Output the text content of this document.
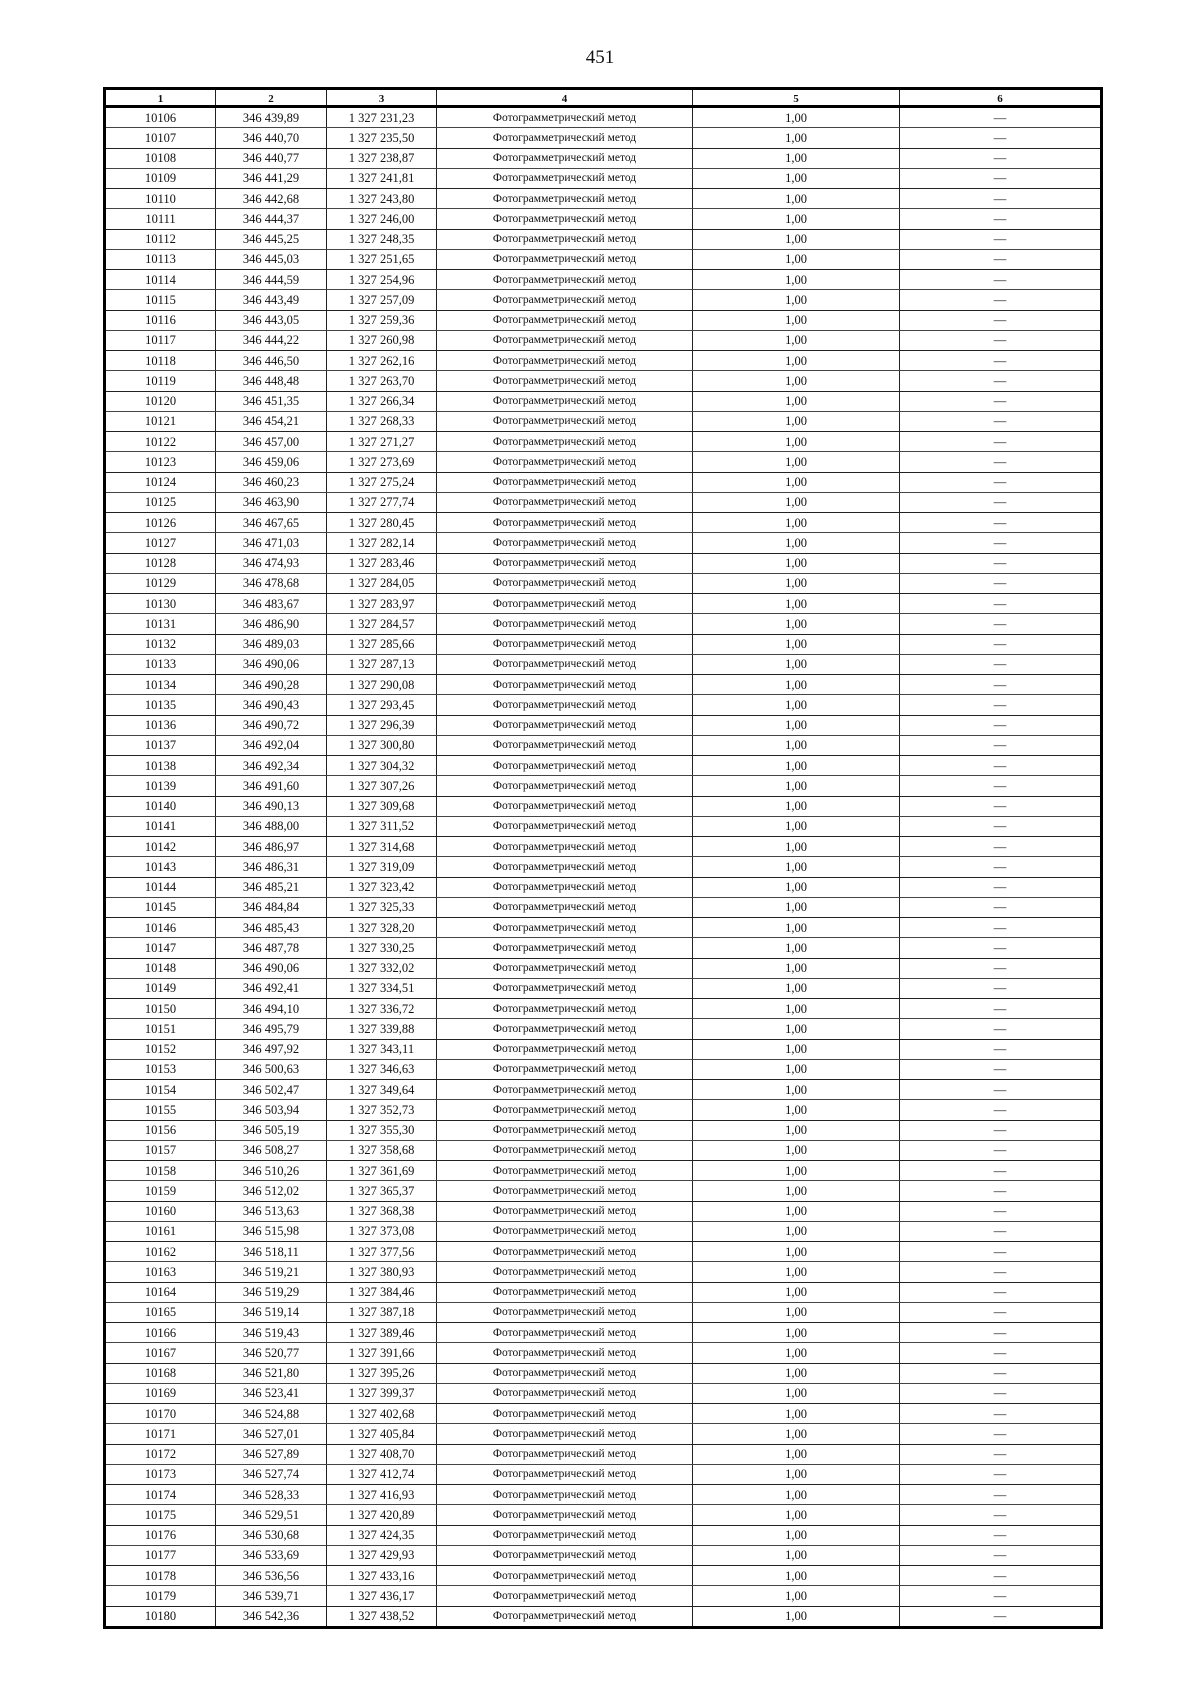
451
1	2	3	4	5	6
10106	346 439,89	1 327 231,23	Фотограмметрический метод	1,00	—
10107	346 440,70	1 327 235,50	Фотограмметрический метод	1,00	—
10108	346 440,77	1 327 238,87	Фотограмметрический метод	1,00	—
10109	346 441,29	1 327 241,81	Фотограмметрический метод	1,00	—
10110	346 442,68	1 327 243,80	Фотограмметрический метод	1,00	—
10111	346 444,37	1 327 246,00	Фотограмметрический метод	1,00	—
10112	346 445,25	1 327 248,35	Фотограмметрический метод	1,00	—
10113	346 445,03	1 327 251,65	Фотограмметрический метод	1,00	—
10114	346 444,59	1 327 254,96	Фотограмметрический метод	1,00	—
10115	346 443,49	1 327 257,09	Фотограмметрический метод	1,00	—
10116	346 443,05	1 327 259,36	Фотограмметрический метод	1,00	—
10117	346 444,22	1 327 260,98	Фотограмметрический метод	1,00	—
10118	346 446,50	1 327 262,16	Фотограмметрический метод	1,00	—
10119	346 448,48	1 327 263,70	Фотограмметрический метод	1,00	—
10120	346 451,35	1 327 266,34	Фотограмметрический метод	1,00	—
10121	346 454,21	1 327 268,33	Фотограмметрический метод	1,00	—
10122	346 457,00	1 327 271,27	Фотограмметрический метод	1,00	—
10123	346 459,06	1 327 273,69	Фотограмметрический метод	1,00	—
10124	346 460,23	1 327 275,24	Фотограмметрический метод	1,00	—
10125	346 463,90	1 327 277,74	Фотограмметрический метод	1,00	—
10126	346 467,65	1 327 280,45	Фотограмметрический метод	1,00	—
10127	346 471,03	1 327 282,14	Фотограмметрический метод	1,00	—
10128	346 474,93	1 327 283,46	Фотограмметрический метод	1,00	—
10129	346 478,68	1 327 284,05	Фотограмметрический метод	1,00	—
10130	346 483,67	1 327 283,97	Фотограмметрический метод	1,00	—
10131	346 486,90	1 327 284,57	Фотограмметрический метод	1,00	—
10132	346 489,03	1 327 285,66	Фотограмметрический метод	1,00	—
10133	346 490,06	1 327 287,13	Фотограмметрический метод	1,00	—
10134	346 490,28	1 327 290,08	Фотограмметрический метод	1,00	—
10135	346 490,43	1 327 293,45	Фотограмметрический метод	1,00	—
10136	346 490,72	1 327 296,39	Фотограмметрический метод	1,00	—
10137	346 492,04	1 327 300,80	Фотограмметрический метод	1,00	—
10138	346 492,34	1 327 304,32	Фотограмметрический метод	1,00	—
10139	346 491,60	1 327 307,26	Фотограмметрический метод	1,00	—
10140	346 490,13	1 327 309,68	Фотограмметрический метод	1,00	—
10141	346 488,00	1 327 311,52	Фотограмметрический метод	1,00	—
10142	346 486,97	1 327 314,68	Фотограмметрический метод	1,00	—
10143	346 486,31	1 327 319,09	Фотограмметрический метод	1,00	—
10144	346 485,21	1 327 323,42	Фотограмметрический метод	1,00	—
10145	346 484,84	1 327 325,33	Фотограмметрический метод	1,00	—
10146	346 485,43	1 327 328,20	Фотограмметрический метод	1,00	—
10147	346 487,78	1 327 330,25	Фотограмметрический метод	1,00	—
10148	346 490,06	1 327 332,02	Фотограмметрический метод	1,00	—
10149	346 492,41	1 327 334,51	Фотограмметрический метод	1,00	—
10150	346 494,10	1 327 336,72	Фотограмметрический метод	1,00	—
10151	346 495,79	1 327 339,88	Фотограмметрический метод	1,00	—
10152	346 497,92	1 327 343,11	Фотограмметрический метод	1,00	—
10153	346 500,63	1 327 346,63	Фотограмметрический метод	1,00	—
10154	346 502,47	1 327 349,64	Фотограмметрический метод	1,00	—
10155	346 503,94	1 327 352,73	Фотограмметрический метод	1,00	—
10156	346 505,19	1 327 355,30	Фотограмметрический метод	1,00	—
10157	346 508,27	1 327 358,68	Фотограмметрический метод	1,00	—
10158	346 510,26	1 327 361,69	Фотограмметрический метод	1,00	—
10159	346 512,02	1 327 365,37	Фотограмметрический метод	1,00	—
10160	346 513,63	1 327 368,38	Фотограмметрический метод	1,00	—
10161	346 515,98	1 327 373,08	Фотограмметрический метод	1,00	—
10162	346 518,11	1 327 377,56	Фотограмметрический метод	1,00	—
10163	346 519,21	1 327 380,93	Фотограмметрический метод	1,00	—
10164	346 519,29	1 327 384,46	Фотограмметрический метод	1,00	—
10165	346 519,14	1 327 387,18	Фотограмметрический метод	1,00	—
10166	346 519,43	1 327 389,46	Фотограмметрический метод	1,00	—
10167	346 520,77	1 327 391,66	Фотограмметрический метод	1,00	—
10168	346 521,80	1 327 395,26	Фотограмметрический метод	1,00	—
10169	346 523,41	1 327 399,37	Фотограмметрический метод	1,00	—
10170	346 524,88	1 327 402,68	Фотограмметрический метод	1,00	—
10171	346 527,01	1 327 405,84	Фотограмметрический метод	1,00	—
10172	346 527,89	1 327 408,70	Фотограмметрический метод	1,00	—
10173	346 527,74	1 327 412,74	Фотограмметрический метод	1,00	—
10174	346 528,33	1 327 416,93	Фотограмметрический метод	1,00	—
10175	346 529,51	1 327 420,89	Фотограмметрический метод	1,00	—
10176	346 530,68	1 327 424,35	Фотограмметрический метод	1,00	—
10177	346 533,69	1 327 429,93	Фотограмметрический метод	1,00	—
10178	346 536,56	1 327 433,16	Фотограмметрический метод	1,00	—
10179	346 539,71	1 327 436,17	Фотограмметрический метод	1,00	—
10180	346 542,36	1 327 438,52	Фотограмметрический метод	1,00	—
